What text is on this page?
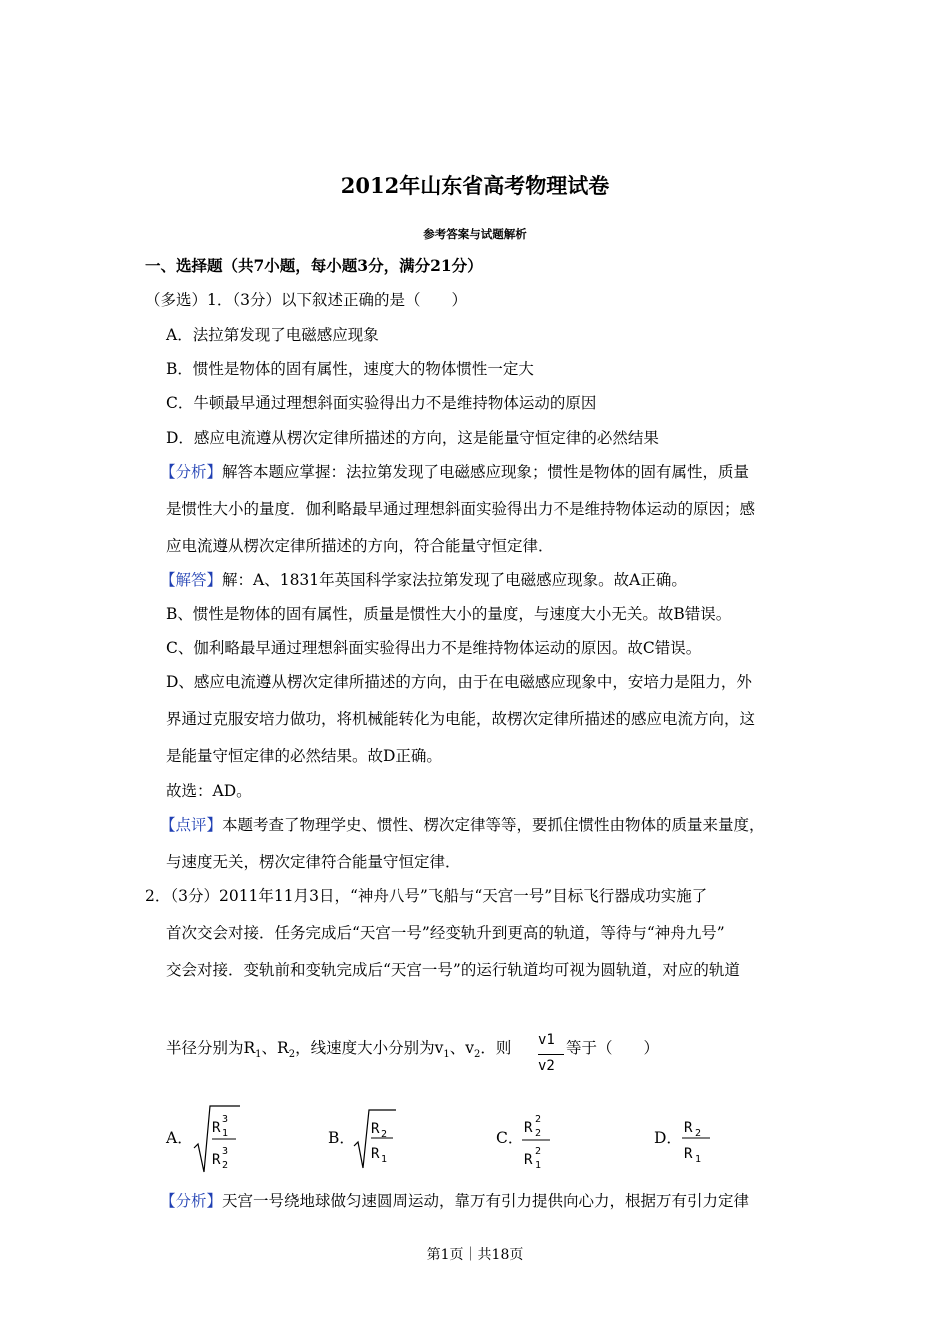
2012年山东省高考物理试卷
参考答案与试题解析
一、选择题（共7小题，每小题3分，满分21分）
（多选）1．（3分）以下叙述正确的是（　　）
A．法拉第发现了电磁感应现象
B．惯性是物体的固有属性，速度大的物体惯性一定大
C．牛顿最早通过理想斜面实验得出力不是维持物体运动的原因
D．感应电流遵从楞次定律所描述的方向，这是能量守恒定律的必然结果
【分析】解答本题应掌握：法拉第发现了电磁感应现象；惯性是物体的固有属性，质量
是惯性大小的量度．伽利略最早通过理想斜面实验得出力不是维持物体运动的原因；感
应电流遵从楞次定律所描述的方向，符合能量守恒定律．
【解答】解：A、1831年英国科学家法拉第发现了电磁感应现象。故A正确。
B、惯性是物体的固有属性，质量是惯性大小的量度，与速度大小无关。故B错误。
C、伽利略最早通过理想斜面实验得出力不是维持物体运动的原因。故C错误。
D、感应电流遵从楞次定律所描述的方向，由于在电磁感应现象中，安培力是阻力，外
界通过克服安培力做功，将机械能转化为电能，故楞次定律所描述的感应电流方向，这
是能量守恒定律的必然结果。故D正确。
故选：AD。
【点评】本题考查了物理学史、惯性、楞次定律等等，要抓住惯性由物体的质量来量度，
与速度无关，楞次定律符合能量守恒定律．
2．（3分）2011年11月3日，“神舟八号”飞船与“天宫一号”目标飞行器成功实施了
首次交会对接．任务完成后“天宫一号”经变轨升到更高的轨道，等待与“神舟九号”
交会对接．变轨前和变轨完成后“天宫一号”的运行轨道均可视为圆轨道，对应的轨道
半径分别为$R_1$、$R_2$，线速度大小分别为$v_1$、$v_2$．则 v1
v2
等于（　　）
A．
R
3
1
R
3
2
B． R 2
R 1
C．
R
2
2
R
2
1
D．
R 2
R 1
【分析】天宫一号绕地球做匀速圆周运动，靠万有引力提供向心力，根据万有引力定律
第1页｜共18页
